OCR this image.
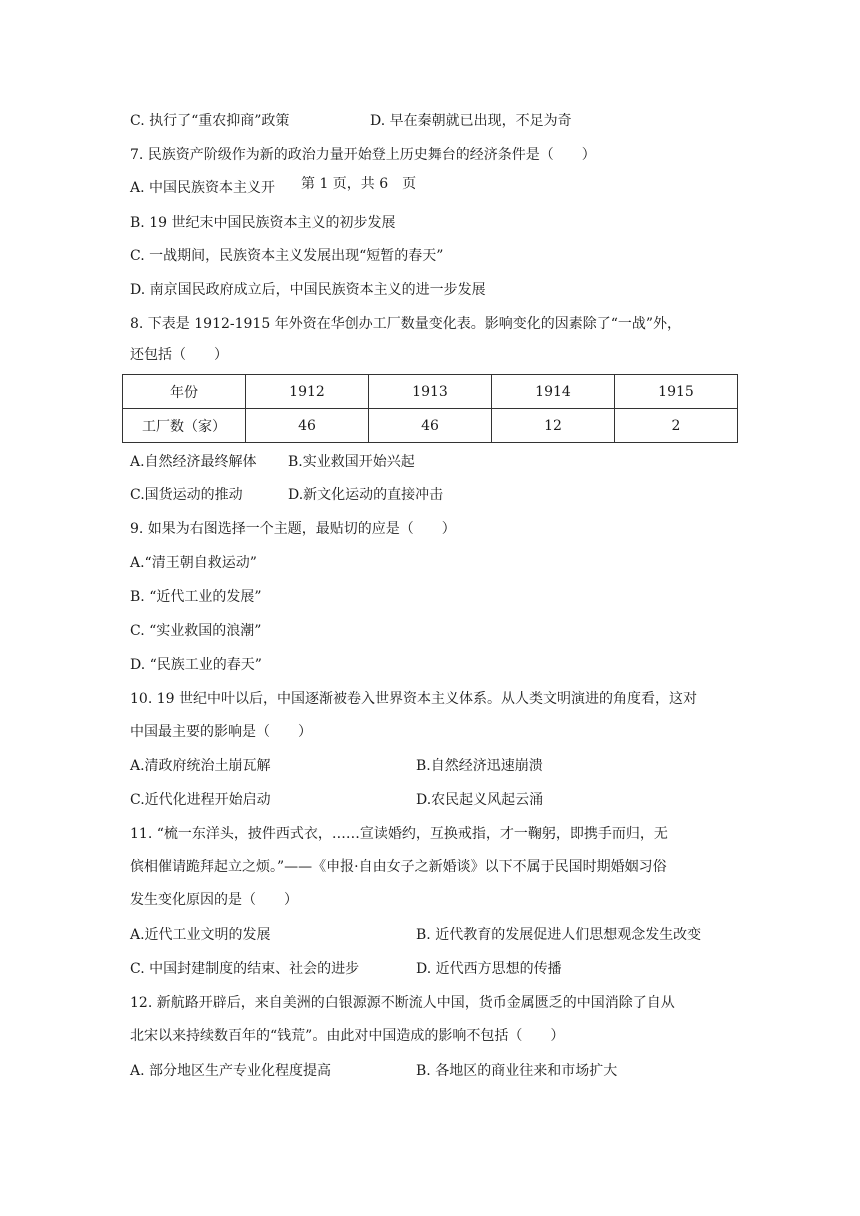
C. 执行了“重农抑商”政策	D. 早在秦朝就已出现，不足为奇
7. 民族资产阶级作为新的政治力量开始登上历史舞台的经济条件是（　　）
A. 中国民族资本主义开 第 1 页，共 6　页
B. 19 世纪末中国民族资本主义的初步发展
C. 一战期间，民族资本主义发展出现“短暂的春天”
D. 南京国民政府成立后，中国民族资本主义的进一步发展
8. 下表是 1912-1915 年外资在华创办工厂数量变化表。影响变化的因素除了“一战”外，
还包括（　　）
年份	1912	1913	1914	1915
工厂数（家）	46	46	12	2
A.自然经济最终解体 B.实业救国开始兴起
C.国货运动的推动	D.新文化运动的直接冲击
9. 如果为右图选择一个主题，最贴切的应是（　　）
A.“清王朝自救运动”
B. “近代工业的发展”
C. “实业救国的浪潮”
D. “民族工业的春天”
10. 19 世纪中叶以后，中国逐渐被卷入世界资本主义体系。从人类文明演进的角度看，这对
中国最主要的影响是（　　）
A.清政府统治土崩瓦解	B.自然经济迅速崩溃
C.近代化进程开始启动	D.农民起义风起云涌
11. “梳一东洋头，披件西式衣，……宣读婚约，互换戒指，才一鞠躬，即携手而归，无
傧相催请跪拜起立之烦。”——《申报·自由女子之新婚谈》以下不属于民国时期婚姻习俗
发生变化原因的是（　　）
A.近代工业文明的发展	B. 近代教育的发展促进人们思想观念发生改变
C. 中国封建制度的结束、社会的进步	D. 近代西方思想的传播
12. 新航路开辟后，来自美洲的白银源源不断流人中国，货币金属匮乏的中国消除了自从
北宋以来持续数百年的“钱荒”。由此对中国造成的影响不包括（　　）
A. 部分地区生产专业化程度提高	B. 各地区的商业往来和市场扩大
